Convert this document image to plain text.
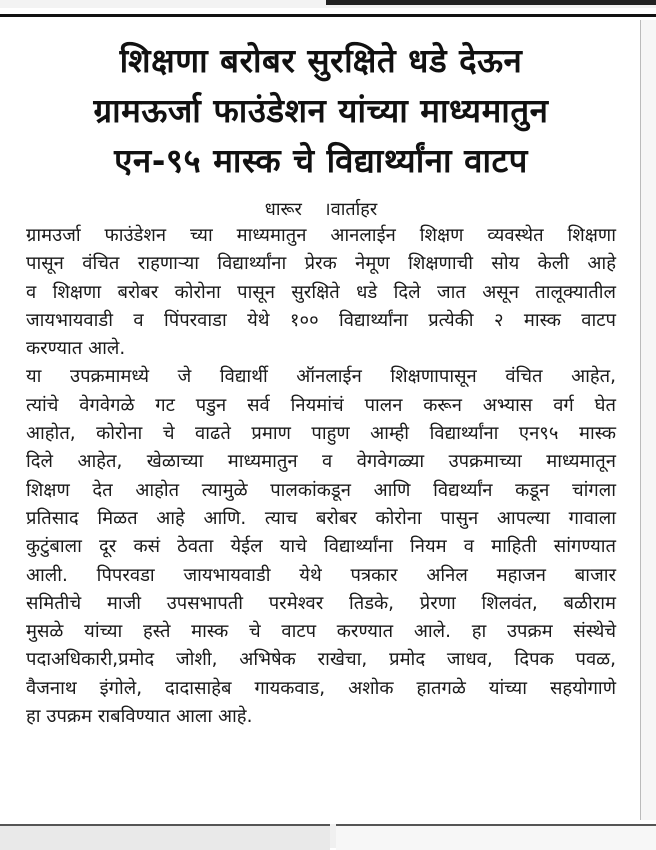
शिक्षणा बरोबर सुरक्षिते धडे देऊन
ग्रामऊर्जा फाउंडेशन यांच्या माध्यमातुन
एन-९५ मास्क चे विद्यार्थ्यांना वाटप
धारूर ।वार्ताहर

ग्रामउर्जा फाउंडेशन च्या माध्यमातुन आनलाईन शिक्षण व्यवस्थेत शिक्षणा
पासून वंचित राहणाऱ्या विद्यार्थ्यांना प्रेरक नेमूण शिक्षणाची सोय केली आहे
व शिक्षणा बरोबर कोरोना पासून सुरक्षिते धडे दिले जात असून तालूक्यातील
जायभायवाडी व पिंपरवाडा येथे १०० विद्यार्थ्यांना प्रत्येकी २ मास्क वाटप
करण्यात आले.

या उपक्रमामध्ये जे विद्यार्थी ऑनलाईन शिक्षणापासून वंचित आहेत,
त्यांचे वेगवेगळे गट पडुन सर्व नियमांचं पालन करून अभ्यास वर्ग घेत
आहोत, कोरोना चे वाढते प्रमाण पाहुण आम्ही विद्यार्थ्यांना एन९५ मास्क
दिले आहेत, खेळाच्या माध्यमातुन व वेगवेगळ्या उपक्रमाच्या माध्यमातून
शिक्षण देत आहोत त्यामुळे पालकांकडून आणि विद्यर्थ्यांन कडून चांगला
प्रतिसाद मिळत आहे आणि. त्याच बरोबर कोरोना पासुन आपल्या गावाला
कुटुंबाला दूर कसं ठेवता येईल याचे विद्यार्थ्यांना नियम व माहिती सांगण्यात
आली. पिपरवडा जायभायवाडी येथे पत्रकार अनिल महाजन बाजार
समितीचे माजी उपसभापती परमेश्वर तिडके, प्रेरणा शिलवंत, बळीराम
मुसळे यांच्या हस्ते मास्क चे वाटप करण्यात आले. हा उपक्रम संस्थेचे
पदाअधिकारी,प्रमोद जोशी, अभिषेक राखेचा, प्रमोद जाधव, दिपक पवळ,
वैजनाथ इंगोले, दादासाहेब गायकवाड, अशोक हातगळे यांच्या सहयोगाणे
हा उपक्रम राबविण्यात आला आहे.
